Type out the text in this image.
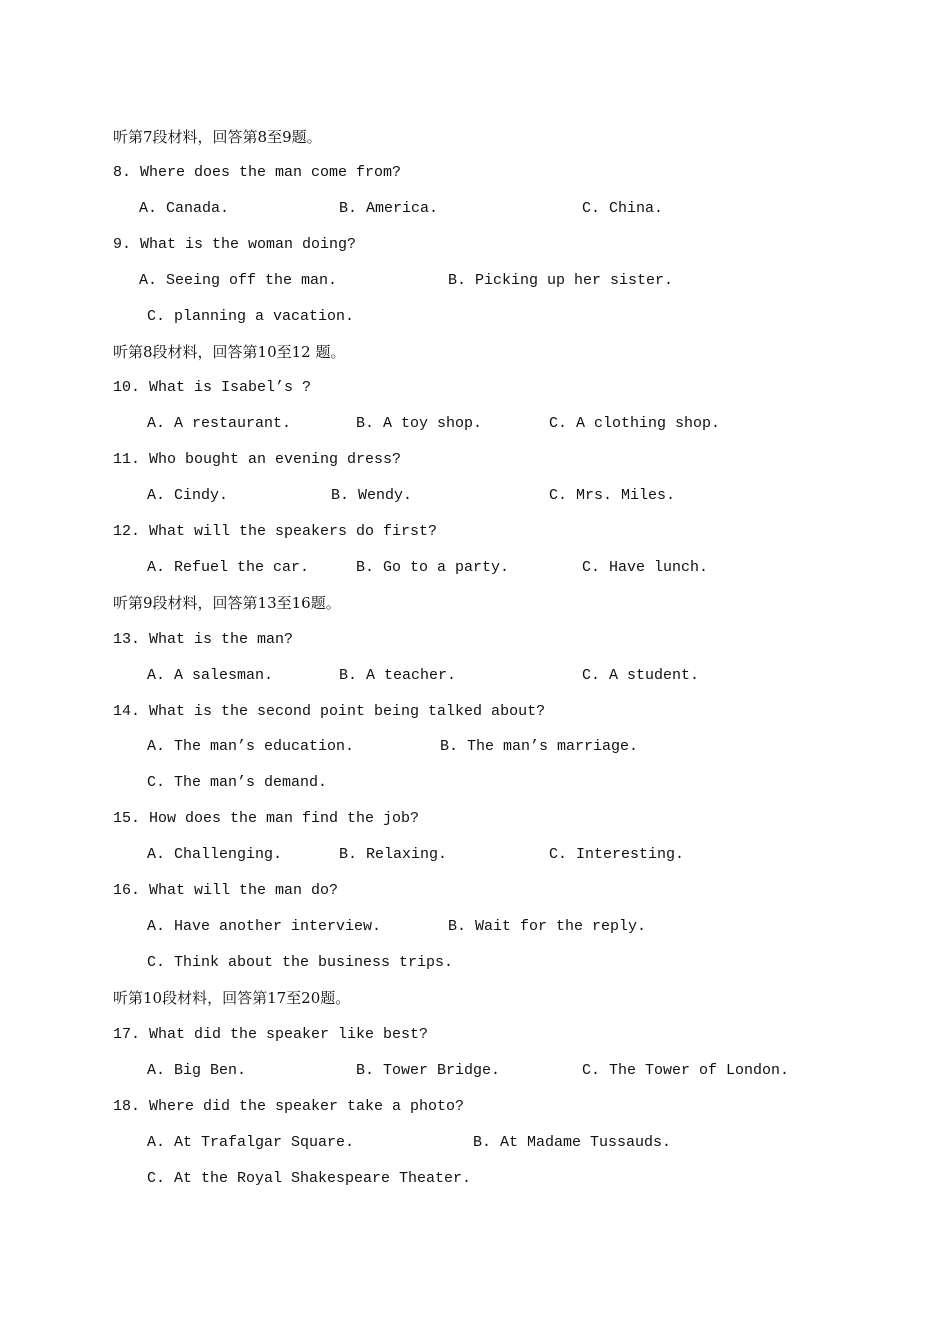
听第7段材料，回答第8至9题。
8. Where does the man come from?
A. Canada.	B. America.	C. China.
9. What is the woman doing?
A. Seeing off the man.	B. Picking up her sister.
C. planning a vacation.
听第8段材料，回答第10至12 题。
10. What is Isabel’s ?
A. A restaurant.	B. A toy shop.	C. A clothing shop.
11. Who bought an evening dress?
A. Cindy.	B. Wendy.	C. Mrs. Miles.
12. What will the speakers do first?
A. Refuel the car.	B. Go to a party.	C. Have lunch.
听第9段材料，回答第13至16题。
13. What is the man?
A. A salesman.	B. A teacher.	C. A student.
14. What is the second point being talked about?
A. The man’s education.	B. The man’s marriage.
C. The man’s demand.
15. How does the man find the job?
A. Challenging.	B. Relaxing.	C. Interesting.
16. What will the man do?
A. Have another interview.	B. Wait for the reply.
C. Think about the business trips.
听第10段材料，回答第17至20题。
17. What did the speaker like best?
A. Big Ben.	B. Tower Bridge.	C. The Tower of London.
18. Where did the speaker take a photo?
A. At Trafalgar Square.	B. At Madame Tussauds.
C. At the Royal Shakespeare Theater.
